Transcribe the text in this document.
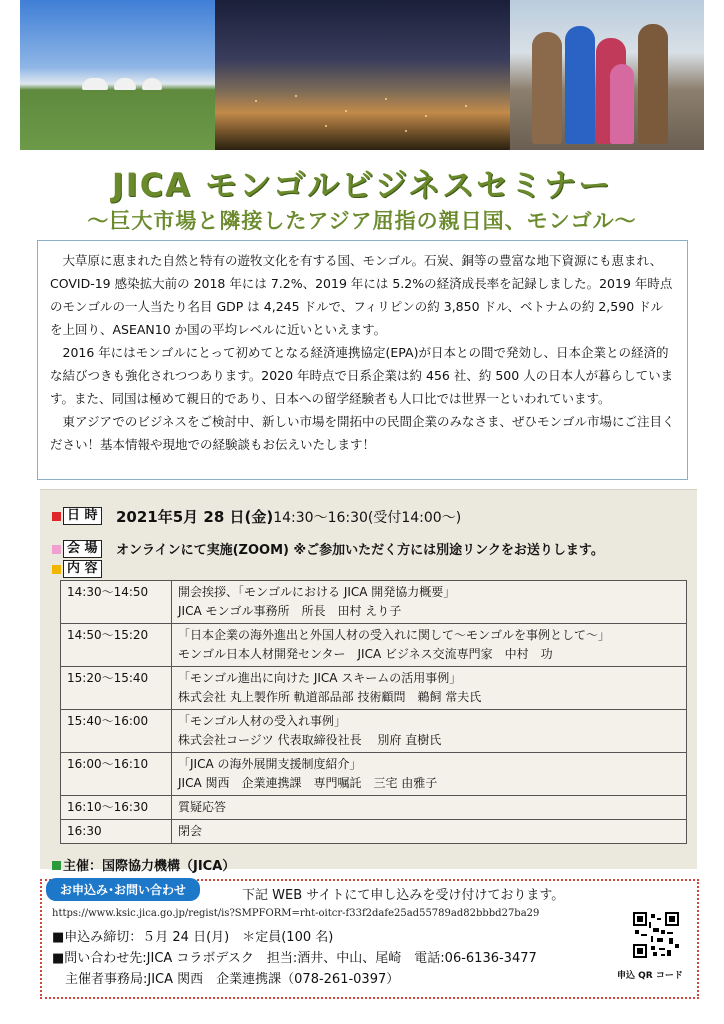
JICA モンゴルビジネスセミナー
〜巨大市場と隣接したアジア屈指の親日国、モンゴル〜

大草原に恵まれた自然と特有の遊牧文化を有する国、モンゴル。石炭、銅等の豊富な地下資源にも恵まれ、COVID-19 感染拡大前の 2018 年には 7.2%、2019 年には 5.2%の経済成長率を記録しました。2019 年時点のモンゴルの一人当たり名目 GDP は 4,245 ドルで、フィリピンの約 3,850 ドル、ベトナムの約 2,590 ドルを上回り、ASEAN10 か国の平均レベルに近いといえます。

2016 年にはモンゴルにとって初めてとなる経済連携協定(EPA)が日本との間で発効し、日本企業との経済的な結びつきも強化されつつあります。2020 年時点で日系企業は約 456 社、約 500 人の日本人が暮らしています。また、同国は極めて親日的であり、日本への留学経験者も人口比では世界一といわれています。

東アジアでのビジネスをご検討中、新しい市場を開拓中の民間企業のみなさま、ぜひモンゴル市場にご注目ください！基本情報や現地での経験談もお伝えいたします！

日 時 2021年5月 28 日(金)14:30〜16:30(受付14:00〜)
会 場	オンラインにて実施(ZOOM) ※ご参加いただく方には別途リンクをお送りします。
内 容
14:30〜14:50	開会挨拶、「モンゴルにおける JICA 開発協力概要」
JICA モンゴル事務所　所長　田村 えり子

14:50〜15:20	「日本企業の海外進出と外国人材の受入れに関して〜モンゴルを事例として〜」
モンゴル日本人材開発センター　JICA ビジネス交流専門家　中村　功

15:20〜15:40	「モンゴル進出に向けた JICA スキームの活用事例」
株式会社 丸上製作所 軌道部品部 技術顧問　鵜飼 常夫氏

15:40〜16:00	「モンゴル人材の受入れ事例」
株式会社コージツ 代表取締役社長　 別府 直樹氏

16:00〜16:10	「JICA の海外展開支援制度紹介」
JICA 関西　企業連携課　専門嘱託　三宅 由雅子

16:10〜16:30	質疑応答

16:30	閉会
主催：国際協力機構（JICA）
お申込み･お問い合わせ	下記 WEB サイトにて申し込みを受け付けております。
https://www.ksic.jica.go.jp/regist/is?SMPFORM=rht-oitcr-f33f2dafe25ad55789ad82bbbd27ba29
■申込み締切：５月 24 日(月)　＊定員(100 名)
■問い合わせ先:JICA コラボデスク　担当:酒井、中山、尾崎　電話:06-6136-3477
　主催者事務局:JICA 関西　企業連携課（078-261-0397）	申込 QR コード
